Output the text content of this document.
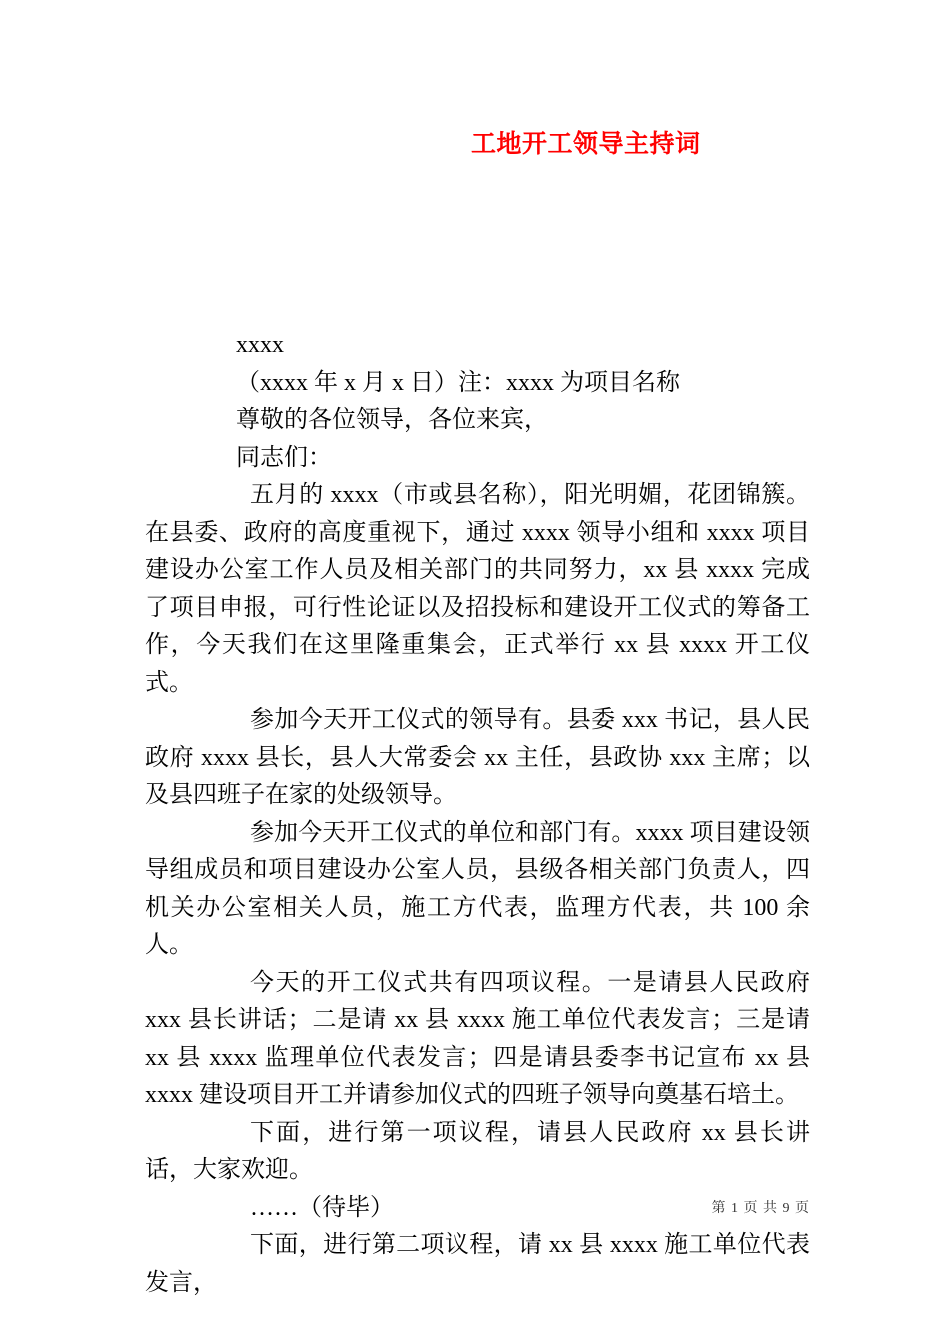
工地开工领导主持词

xxxx

（xxxx 年 x 月 x 日）注：xxxx 为项目名称

尊敬的各位领导，各位来宾，

同志们：

五月的 xxxx（市或县名称），阳光明媚，花团锦簇。在县委、政府的高度重视下，通过 xxxx 领导小组和 xxxx 项目建设办公室工作人员及相关部门的共同努力，xx 县 xxxx 完成了项目申报，可行性论证以及招投标和建设开工仪式的筹备工作，今天我们在这里隆重集会，正式举行 xx 县 xxxx 开工仪式。

参加今天开工仪式的领导有。县委 xxx 书记，县人民政府 xxxx 县长，县人大常委会 xx 主任，县政协 xxx 主席；以及县四班子在家的处级领导。

参加今天开工仪式的单位和部门有。xxxx 项目建设领导组成员和项目建设办公室人员，县级各相关部门负责人，四机关办公室相关人员，施工方代表，监理方代表，共 100 余人。

今天的开工仪式共有四项议程。一是请县人民政府 xxx 县长讲话；二是请 xx 县 xxxx 施工单位代表发言；三是请 xx 县 xxxx 监理单位代表发言；四是请县委李书记宣布 xx 县 xxxx 建设项目开工并请参加仪式的四班子领导向奠基石培土。

下面，进行第一项议程，请县人民政府 xx 县长讲话，大家欢迎。

……（待毕）

下面，进行第二项议程，请 xx 县 xxxx 施工单位代表发言，

第 1 页 共 9 页
